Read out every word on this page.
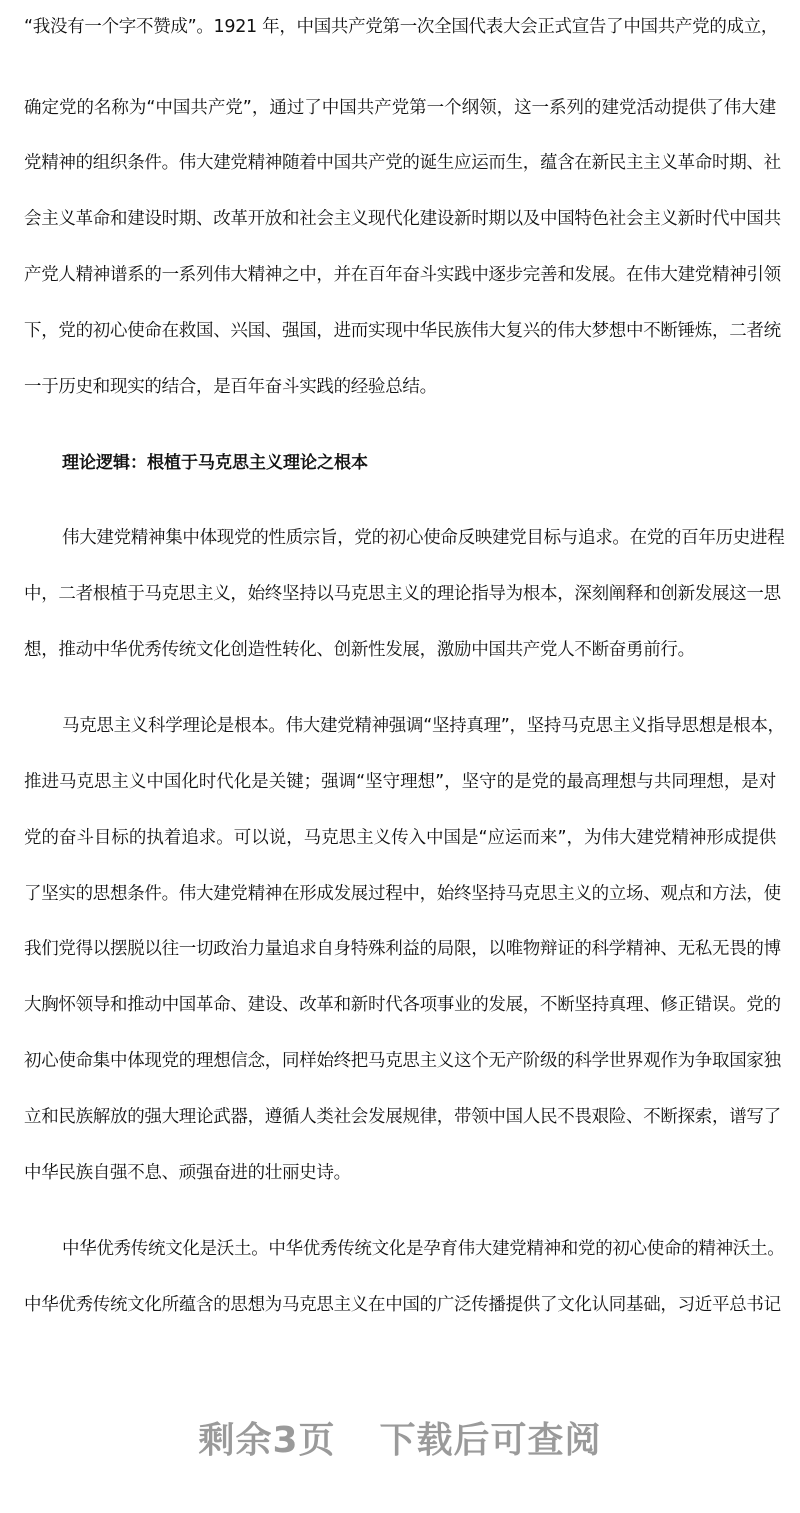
“我没有一个字不赞成”。1921 年，中国共产党第一次全国代表大会正式宣告了中国共产党的成立，
确定党的名称为“中国共产党”，通过了中国共产党第一个纲领，这一系列的建党活动提供了伟大建
党精神的组织条件。伟大建党精神随着中国共产党的诞生应运而生，蕴含在新民主主义革命时期、社
会主义革命和建设时期、改革开放和社会主义现代化建设新时期以及中国特色社会主义新时代中国共
产党人精神谱系的一系列伟大精神之中，并在百年奋斗实践中逐步完善和发展。在伟大建党精神引领
下，党的初心使命在救国、兴国、强国，进而实现中华民族伟大复兴的伟大梦想中不断锤炼，二者统
一于历史和现实的结合，是百年奋斗实践的经验总结。
理论逻辑：根植于马克思主义理论之根本
伟大建党精神集中体现党的性质宗旨，党的初心使命反映建党目标与追求。在党的百年历史进程
中，二者根植于马克思主义，始终坚持以马克思主义的理论指导为根本，深刻阐释和创新发展这一思
想，推动中华优秀传统文化创造性转化、创新性发展，激励中国共产党人不断奋勇前行。
马克思主义科学理论是根本。伟大建党精神强调“坚持真理”，坚持马克思主义指导思想是根本，
推进马克思主义中国化时代化是关键；强调“坚守理想”，坚守的是党的最高理想与共同理想，是对
党的奋斗目标的执着追求。可以说，马克思主义传入中国是“应运而来”，为伟大建党精神形成提供
了坚实的思想条件。伟大建党精神在形成发展过程中，始终坚持马克思主义的立场、观点和方法，使
我们党得以摆脱以往一切政治力量追求自身特殊利益的局限，以唯物辩证的科学精神、无私无畏的博
大胸怀领导和推动中国革命、建设、改革和新时代各项事业的发展，不断坚持真理、修正错误。党的
初心使命集中体现党的理想信念，同样始终把马克思主义这个无产阶级的科学世界观作为争取国家独
立和民族解放的强大理论武器，遵循人类社会发展规律，带领中国人民不畏艰险、不断探索，谱写了
中华民族自强不息、顽强奋进的壮丽史诗。
中华优秀传统文化是沃土。中华优秀传统文化是孕育伟大建党精神和党的初心使命的精神沃土。
中华优秀传统文化所蕴含的思想为马克思主义在中国的广泛传播提供了文化认同基础，习近平总书记
剩余3页 下载后可查阅
